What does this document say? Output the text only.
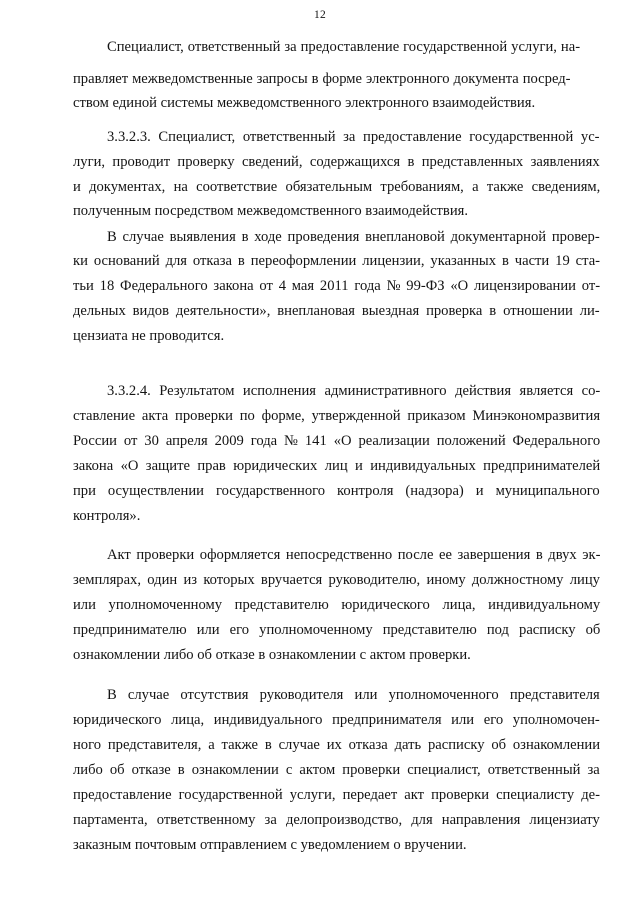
12

Специалист, ответственный за предоставление государственной услуги, на-

правляет межведомственные запросы в форме электронного документа посред-

ством единой системы межведомственного электронного взаимодействия.

3.3.2.3. Специалист, ответственный за предоставление государственной ус-

луги, проводит проверку сведений, содержащихся в представленных заявлениях

и документах, на соответствие обязательным требованиям, а также сведениям,

полученным посредством межведомственного взаимодействия.

В случае выявления в ходе проведения внеплановой документарной провер-

ки оснований для отказа в переоформлении лицензии, указанных в части 19 ста-

тьи 18 Федерального закона от 4 мая 2011 года № 99-ФЗ «О лицензировании от-

дельных видов деятельности», внеплановая выездная проверка в отношении ли-

цензиата не проводится.

3.3.2.4. Результатом исполнения административного действия является со-

ставление акта проверки по форме, утвержденной приказом Минэкономразвития

России от 30 апреля 2009 года № 141 «О реализации положений Федерального

закона «О защите прав юридических лиц и индивидуальных предпринимателей

при осуществлении государственного контроля (надзора) и муниципального

контроля».

Акт проверки оформляется непосредственно после ее завершения в двух эк-

земплярах, один из которых вручается руководителю, иному должностному лицу

или уполномоченному представителю юридического лица, индивидуальному

предпринимателю или его уполномоченному представителю под расписку об

ознакомлении либо об отказе в ознакомлении с актом проверки.

В случае отсутствия руководителя или уполномоченного представителя

юридического лица, индивидуального предпринимателя или его уполномочен-

ного представителя, а также в случае их отказа дать расписку об ознакомлении

либо об отказе в ознакомлении с актом проверки специалист, ответственный за

предоставление государственной услуги, передает акт проверки специалисту де-

партамента, ответственному за делопроизводство, для направления лицензиату

заказным почтовым отправлением с уведомлением о вручении.
